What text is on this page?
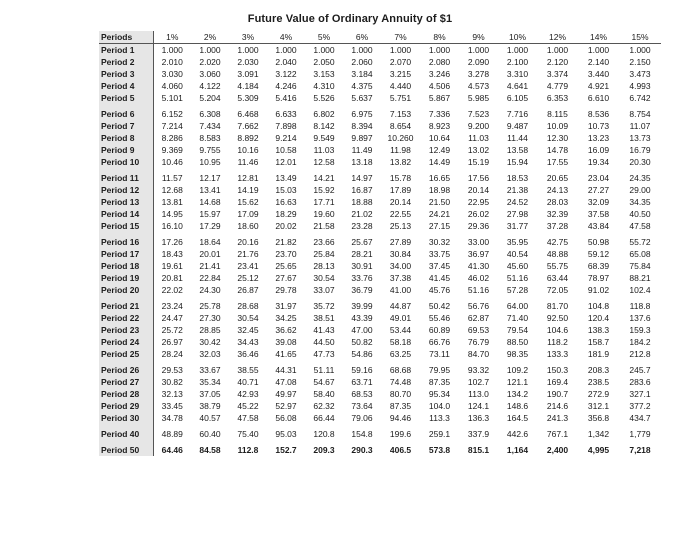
Future Value of Ordinary Annuity of $1
Periods	1%	2%	3%	4%	5%	6%	7%	8%	9%	10%	12%	14%	15%
Period 1	1.000	1.000	1.000	1.000	1.000	1.000	1.000	1.000	1.000	1.000	1.000	1.000	1.000
Period 2	2.010	2.020	2.030	2.040	2.050	2.060	2.070	2.080	2.090	2.100	2.120	2.140	2.150
Period 3	3.030	3.060	3.091	3.122	3.153	3.184	3.215	3.246	3.278	3.310	3.374	3.440	3.473
Period 4	4.060	4.122	4.184	4.246	4.310	4.375	4.440	4.506	4.573	4.641	4.779	4.921	4.993
Period 5	5.101	5.204	5.309	5.416	5.526	5.637	5.751	5.867	5.985	6.105	6.353	6.610	6.742

Period 6	6.152	6.308	6.468	6.633	6.802	6.975	7.153	7.336	7.523	7.716	8.115	8.536	8.754
Period 7	7.214	7.434	7.662	7.898	8.142	8.394	8.654	8.923	9.200	9.487	10.09	10.73	11.07
Period 8	8.286	8.583	8.892	9.214	9.549	9.897	10.260	10.64	11.03	11.44	12.30	13.23	13.73
Period 9	9.369	9.755	10.16	10.58	11.03	11.49	11.98	12.49	13.02	13.58	14.78	16.09	16.79
Period 10	10.46	10.95	11.46	12.01	12.58	13.18	13.82	14.49	15.19	15.94	17.55	19.34	20.30

Period 11	11.57	12.17	12.81	13.49	14.21	14.97	15.78	16.65	17.56	18.53	20.65	23.04	24.35
Period 12	12.68	13.41	14.19	15.03	15.92	16.87	17.89	18.98	20.14	21.38	24.13	27.27	29.00
Period 13	13.81	14.68	15.62	16.63	17.71	18.88	20.14	21.50	22.95	24.52	28.03	32.09	34.35
Period 14	14.95	15.97	17.09	18.29	19.60	21.02	22.55	24.21	26.02	27.98	32.39	37.58	40.50
Period 15	16.10	17.29	18.60	20.02	21.58	23.28	25.13	27.15	29.36	31.77	37.28	43.84	47.58

Period 16	17.26	18.64	20.16	21.82	23.66	25.67	27.89	30.32	33.00	35.95	42.75	50.98	55.72
Period 17	18.43	20.01	21.76	23.70	25.84	28.21	30.84	33.75	36.97	40.54	48.88	59.12	65.08
Period 18	19.61	21.41	23.41	25.65	28.13	30.91	34.00	37.45	41.30	45.60	55.75	68.39	75.84
Period 19	20.81	22.84	25.12	27.67	30.54	33.76	37.38	41.45	46.02	51.16	63.44	78.97	88.21
Period 20	22.02	24.30	26.87	29.78	33.07	36.79	41.00	45.76	51.16	57.28	72.05	91.02	102.4

Period 21	23.24	25.78	28.68	31.97	35.72	39.99	44.87	50.42	56.76	64.00	81.70	104.8	118.8
Period 22	24.47	27.30	30.54	34.25	38.51	43.39	49.01	55.46	62.87	71.40	92.50	120.4	137.6
Period 23	25.72	28.85	32.45	36.62	41.43	47.00	53.44	60.89	69.53	79.54	104.6	138.3	159.3
Period 24	26.97	30.42	34.43	39.08	44.50	50.82	58.18	66.76	76.79	88.50	118.2	158.7	184.2
Period 25	28.24	32.03	36.46	41.65	47.73	54.86	63.25	73.11	84.70	98.35	133.3	181.9	212.8

Period 26	29.53	33.67	38.55	44.31	51.11	59.16	68.68	79.95	93.32	109.2	150.3	208.3	245.7
Period 27	30.82	35.34	40.71	47.08	54.67	63.71	74.48	87.35	102.7	121.1	169.4	238.5	283.6
Period 28	32.13	37.05	42.93	49.97	58.40	68.53	80.70	95.34	113.0	134.2	190.7	272.9	327.1
Period 29	33.45	38.79	45.22	52.97	62.32	73.64	87.35	104.0	124.1	148.6	214.6	312.1	377.2
Period 30	34.78	40.57	47.58	56.08	66.44	79.06	94.46	113.3	136.3	164.5	241.3	356.8	434.7

Period 40	48.89	60.40	75.40	95.03	120.8	154.8	199.6	259.1	337.9	442.6	767.1	1,342	1,779

Period 50	64.46	84.58	112.8	152.7	209.3	290.3	406.5	573.8	815.1	1,164	2,400	4,995	7,218
